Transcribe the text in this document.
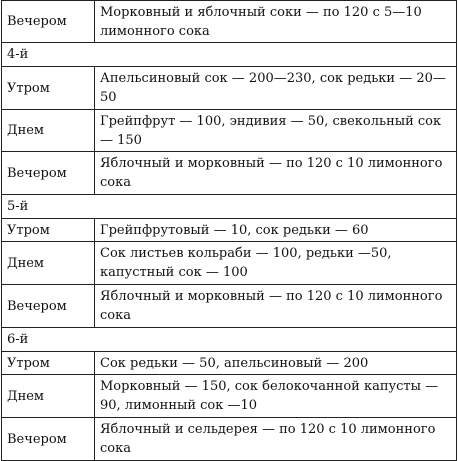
Вечером	Морковный и яблочный соки — по 120 с 5—10 лимонного сока
4-й	
Утром	Апельсиновый сок — 200—230, сок редьки — 20—50
Днем	Грейпфрут — 100, эндивия — 50, свекольный сок — 150
Вечером	Яблочный и морковный — по 120 с 10 лимонного сока
5-й	
Утром	Грейпфрутовый — 10, сок редьки — 60
Днем	Сок листьев кольраби — 100, редьки —50, капустный сок — 100
Вечером	Яблочный и морковный — по 120 с 10 лимонного сока
6-й	
Утром	Сок редьки — 50, апельсиновый — 200
Днем	Морковный — 150, сок белокочанной капусты — 90, лимонный сок —10
Вечером	Яблочный и сельдерея — по 120 с 10 лимонного сока
